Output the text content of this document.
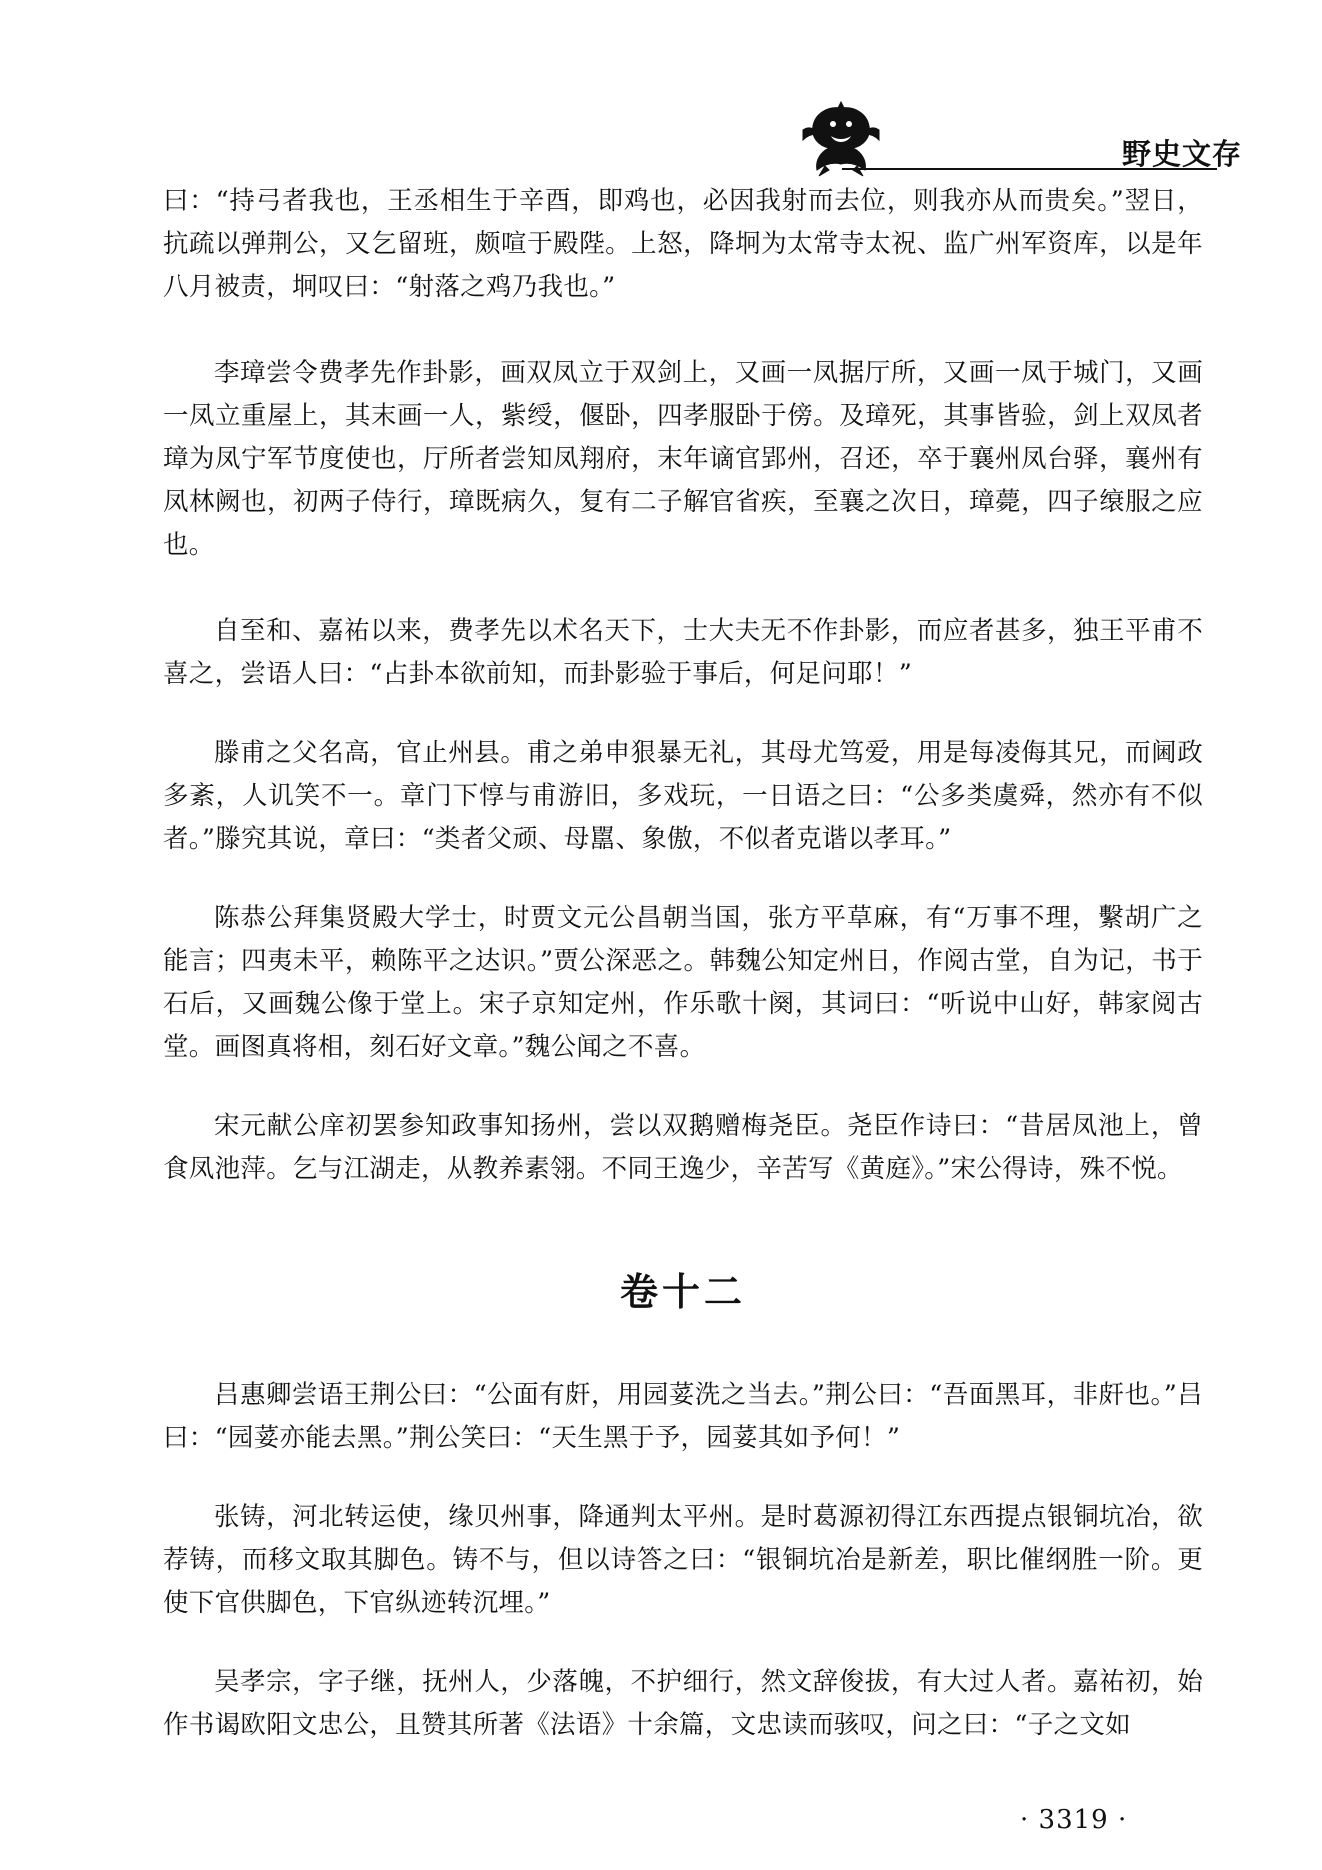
野史文存

曰：“持弓者我也，王丞相生于辛酉，即鸡也，必因我射而去位，则我亦从而贵矣。”翌日，抗疏以弹荆公，又乞留班，颇喧于殿陛。上怒，降坰为太常寺太祝、监广州军资库，以是年八月被责，坰叹曰：“射落之鸡乃我也。”

李璋尝令费孝先作卦影，画双凤立于双剑上，又画一凤据厅所，又画一凤于城门，又画一凤立重屋上，其末画一人，紫绶，偃卧，四孝服卧于傍。及璋死，其事皆验，剑上双凤者璋为凤宁军节度使也，厅所者尝知凤翔府，末年谪官郢州，召还，卒于襄州凤台驿，襄州有凤林阙也，初两子侍行，璋既病久，复有二子解官省疾，至襄之次日，璋薨，四子缞服之应也。

自至和、嘉祐以来，费孝先以术名天下，士大夫无不作卦影，而应者甚多，独王平甫不喜之，尝语人曰：“占卦本欲前知，而卦影验于事后，何足问耶！”

滕甫之父名高，官止州县。甫之弟申狠暴无礼，其母尤笃爱，用是每凌侮其兄，而阃政多紊，人讥笑不一。章门下惇与甫游旧，多戏玩，一日语之曰：“公多类虞舜，然亦有不似者。”滕究其说，章曰：“类者父顽、母嚚、象傲，不似者克谐以孝耳。”

陈恭公拜集贤殿大学士，时贾文元公昌朝当国，张方平草麻，有“万事不理，繫胡广之能言；四夷未平，赖陈平之达识。”贾公深恶之。韩魏公知定州日，作阅古堂，自为记，书于石后，又画魏公像于堂上。宋子京知定州，作乐歌十阕，其词曰：“听说中山好，韩家阅古堂。画图真将相，刻石好文章。”魏公闻之不喜。

宋元献公庠初罢参知政事知扬州，尝以双鹅赠梅尧臣。尧臣作诗曰：“昔居凤池上，曾食凤池萍。乞与江湖走，从教养素翎。不同王逸少，辛苦写《黄庭》。”宋公得诗，殊不悦。

卷十二

吕惠卿尝语王荆公曰：“公面有皯，用园荽洗之当去。”荆公曰：“吾面黑耳，非皯也。”吕曰：“园荽亦能去黑。”荆公笑曰：“天生黑于予，园荽其如予何！”

张铸，河北转运使，缘贝州事，降通判太平州。是时葛源初得江东西提点银铜坑冶，欲荐铸，而移文取其脚色。铸不与，但以诗答之曰：“银铜坑冶是新差，职比催纲胜一阶。更使下官供脚色，下官纵迹转沉埋。”

吴孝宗，字子继，抚州人，少落魄，不护细行，然文辞俊拔，有大过人者。嘉祐初，始作书谒欧阳文忠公，且赞其所著《法语》十余篇，文忠读而骇叹，问之曰：“子之文如

· 3319 ·
